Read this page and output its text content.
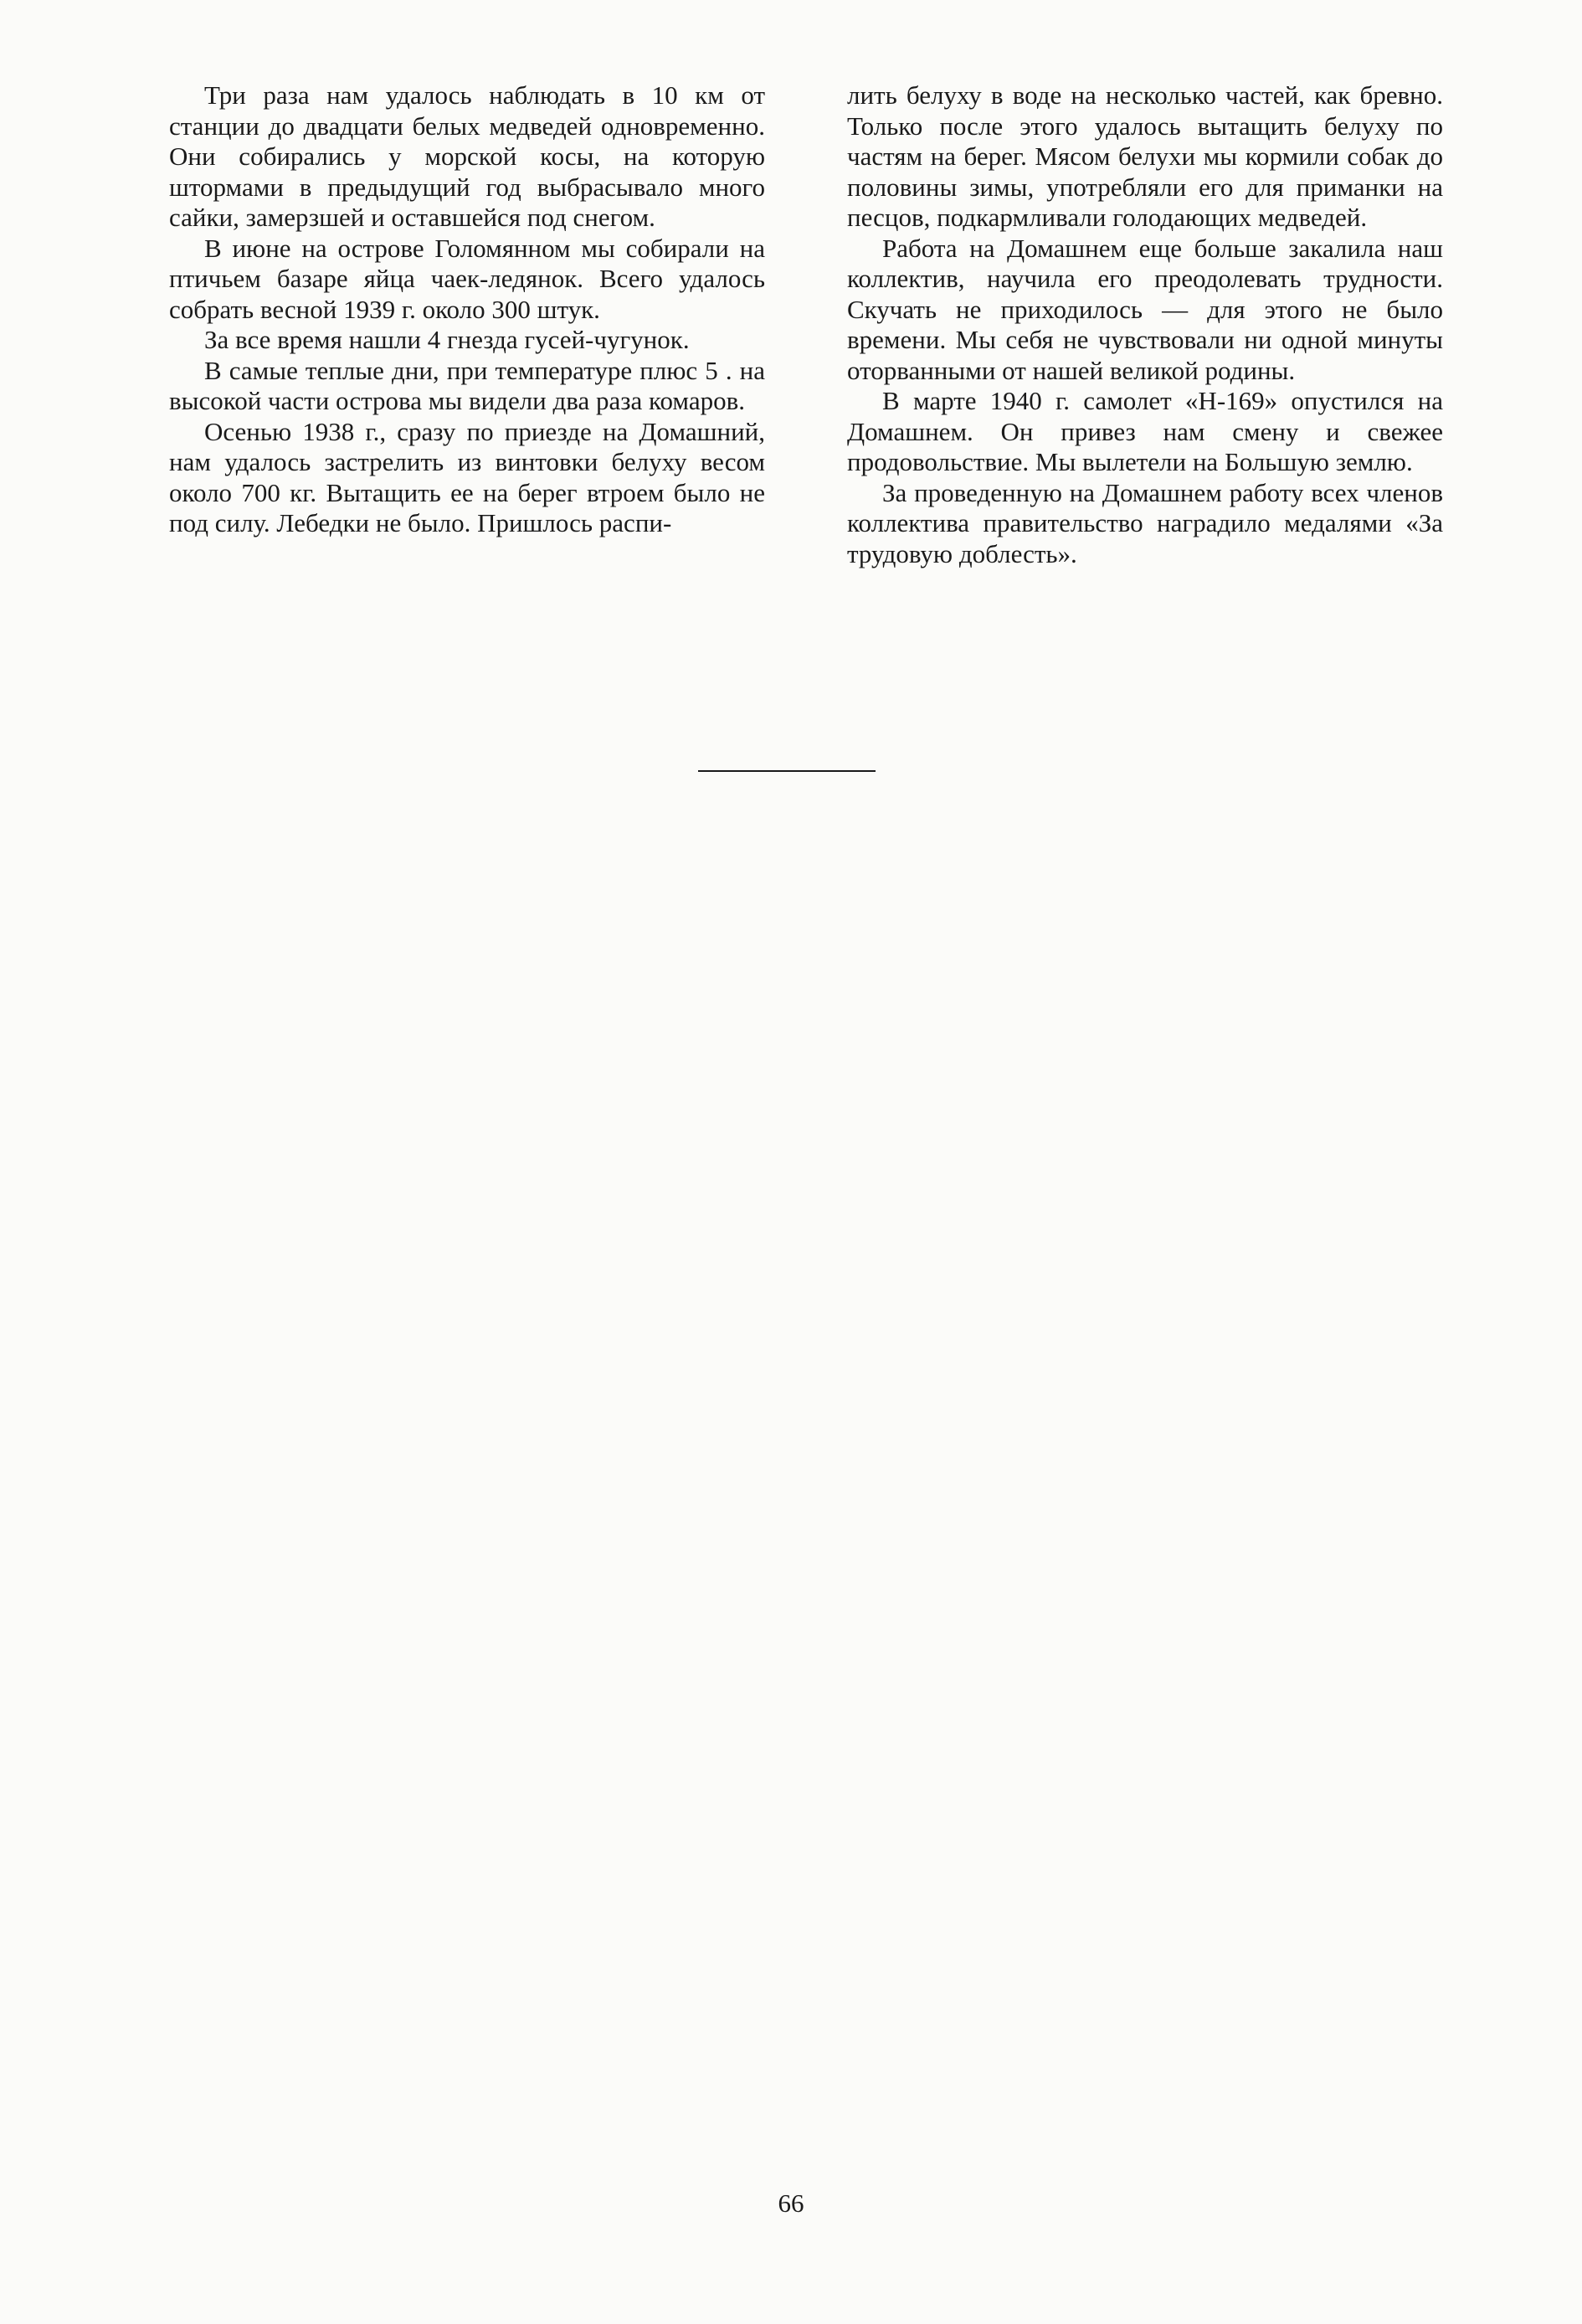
Три раза нам удалось наблюдать в 10 км от станции до двадцати белых медведей одновременно. Они собирались у морской косы, на которую штормами в предыдущий год выбрасывало много сайки, замерзшей и оставшейся под снегом.

В июне на острове Голомянном мы собирали на птичьем базаре яйца чаек-ледянок. Всего удалось собрать весной 1939 г. около 300 штук.

За все время нашли 4 гнезда гусей-чугунок.

В самые теплые дни, при температуре плюс 5 . на высокой части острова мы видели два раза комаров.

Осенью 1938 г., сразу по приезде на Домашний, нам удалось застрелить из винтовки белуху весом около 700 кг. Вытащить ее на берег втроем было не под силу. Лебедки не было. Пришлось распи-

лить белуху в воде на несколько частей, как бревно. Только после этого удалось вытащить белуху по частям на берег. Мясом белухи мы кормили собак до половины зимы, употребляли его для приманки на песцов, подкармливали голодающих медведей.

Работа на Домашнем еще больше закалила наш коллектив, научила его преодолевать трудности. Скучать не приходилось — для этого не было времени. Мы себя не чувствовали ни одной минуты оторванными от нашей великой родины.

В марте 1940 г. самолет «Н-169» опустился на Домашнем. Он привез нам смену и свежее продовольствие. Мы вылетели на Большую землю.

За проведенную на Домашнем работу всех членов коллектива правительство наградило медалями «За трудовую доблесть».

66
